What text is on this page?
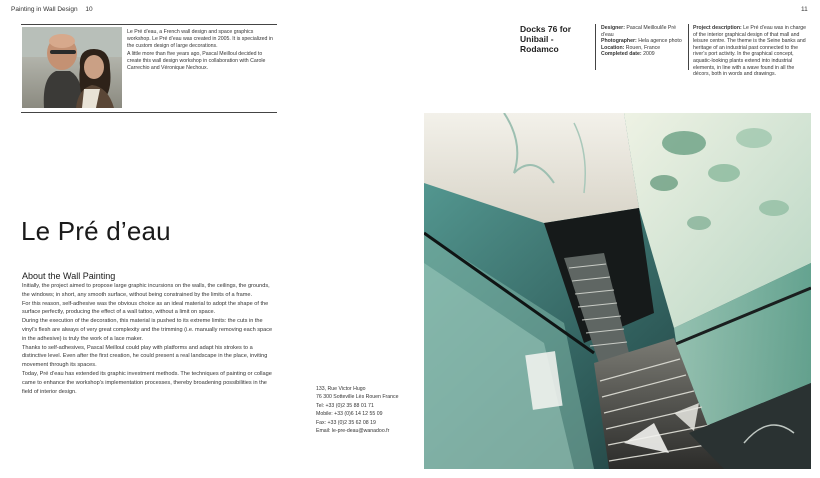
Painting in Wall Design 10	11
Le Pré d’eau, a French wall design and space graphics workshop. Le Pré d’eau was created in 2005. It is specialized in the custom design of large decorations.
A little more than five years ago, Pascal Meilloul decided to create this wall design workshop in collaboration with Carole Carrechio and Véronique Nechoux.
Le Pré d’eau
About the Wall Painting

Initially, the project aimed to propose large graphic incursions on the walls, the ceilings, the grounds, the windows; in short, any smooth surface, without being constrained by the limits of a frame.

For this reason, self-adhesive was the obvious choice as an ideal material to adopt the shape of the surface perfectly, producing the effect of a wall tattoo, without a limit on space.

During the execution of the decoration, this material is pushed to its extreme limits: the cuts in the vinyl’s flesh are always of very great complexity and the trimming (i.e. manually removing each space in the adhesive) is truly the work of a lace maker.

Thanks to self-adhesives, Pascal Meilloul could play with platforms and adapt his strokes to a distinctive level. Even after the first creation, he could present a real landscape in the place, inviting movement through its spaces.

Today, Pré d’eau has extended its graphic investment methods. The techniques of painting or collage came to enhance the workshop’s implementation processes, thereby broadening possibilities in the field of interior design.	133, Rue Victor Hugo
76 300 Sotteville Lès Rouen France
Tel: +33 (0)2 35 88 01 71
Mobile: +33 (0)6 14 12 55 09
Fax: +33 (0)2 35 62 08 19
Email: le-pre-deau@wanadoo.fr
Docks 76 for Unibail - Rodamco
Designer: Pascal Meilloul/le Pré d’eau
Photographer: Hela agence photo
Location: Rouen, France
Completed date: 2009
Project description: Le Pré d’eau was in charge of the interior graphical design of that mall and leisure centre. The theme is the Seine banks and heritage of an industrial past connected to the river’s port activity. In the graphical concept, aquatic-looking plants extend into industrial elements, in line with a wave found in all the décors, both in words and drawings.
